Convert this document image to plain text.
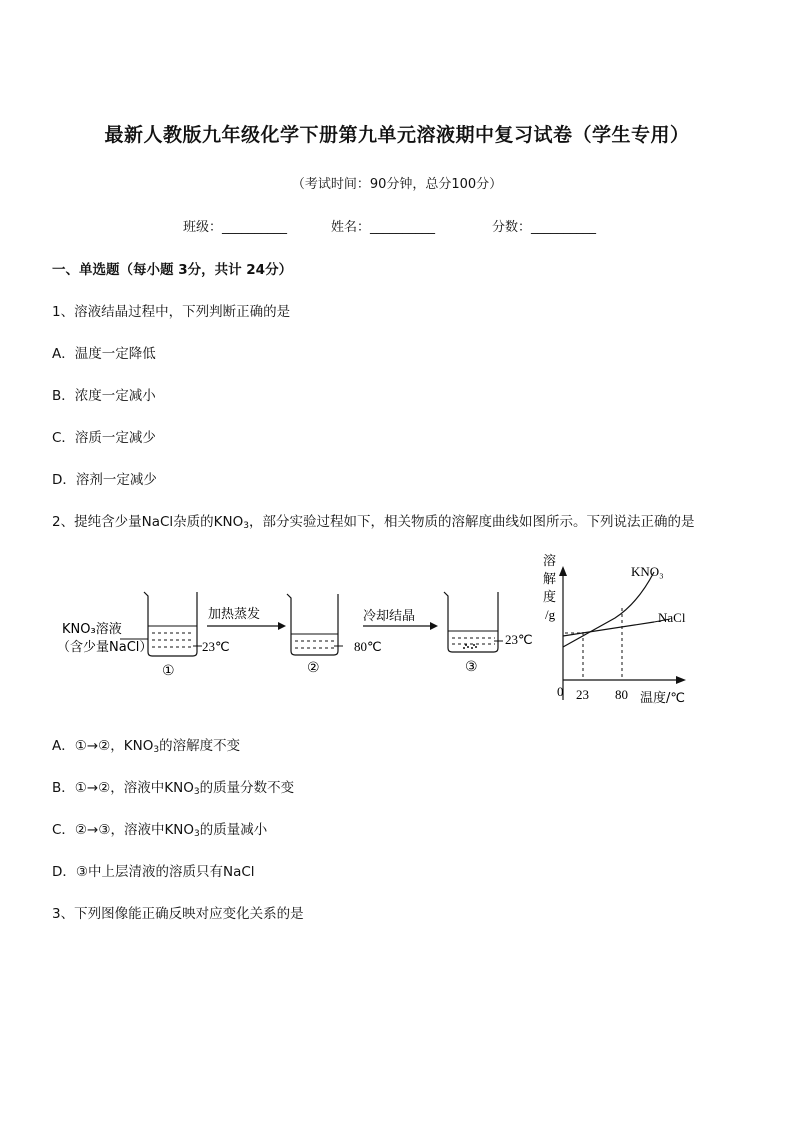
最新人教版九年级化学下册第九单元溶液期中复习试卷（学生专用）
（考试时间：90分钟，总分100分）
班级：__________	姓名：__________	分数：__________
一、单选题（每小题 3分，共计 24分）
1、溶液结晶过程中，下列判断正确的是
A．温度一定降低
B．浓度一定减小
C．溶质一定减少
D．溶剂一定减少
2、提纯含少量NaCl杂质的$KNO_3$，部分实验过程如下，相关物质的溶解度曲线如图所示。下列说法正确的是
KNO₃溶液
（含少量NaCl）	23℃
①
加热蒸发
80℃
②
冷却结晶
23℃
③
溶
解
度
/g
KNO₃
NaCl
0 23 80 温度/℃
A．①→②，$KNO_3$的溶解度不变
B．①→②，溶液中$KNO_3$的质量分数不变
C．②→③，溶液中$KNO_3$的质量减小
D．③中上层清液的溶质只有NaCl
3、下列图像能正确反映对应变化关系的是
